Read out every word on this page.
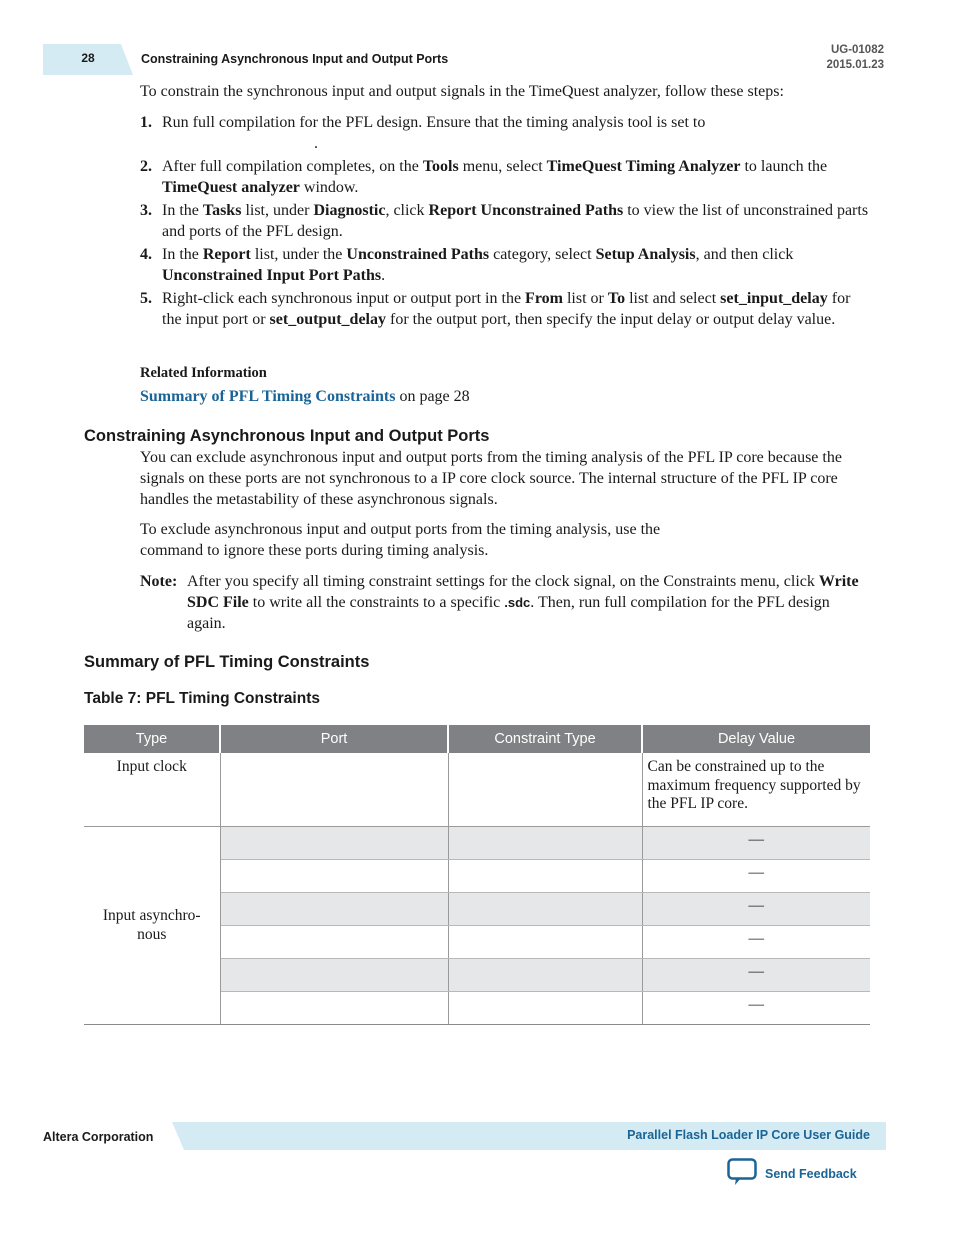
28	Constraining Asynchronous Input and Output Ports
UG-01082
2015.01.23

To constrain the synchronous input and output signals in the TimeQuest analyzer, follow these steps:

1. Run full compilation for the PFL design. Ensure that the timing analysis tool is set to
.
2. After full compilation completes, on the Tools menu, select TimeQuest Timing Analyzer to launch the TimeQuest analyzer window.
3. In the Tasks list, under Diagnostic, click Report Unconstrained Paths to view the list of unconstrained parts and ports of the PFL design.
4. In the Report list, under the Unconstrained Paths category, select Setup Analysis, and then click Unconstrained Input Port Paths.
5. Right-click each synchronous input or output port in the From list or To list and select set_input_delay for the input port or set_output_delay for the output port, then specify the input delay or output delay value.
Related Information
Summary of PFL Timing Constraints on page 28
Constraining Asynchronous Input and Output Ports

You can exclude asynchronous input and output ports from the timing analysis of the PFL IP core because the signals on these ports are not synchronous to a IP core clock source. The internal structure of the PFL IP core handles the metastability of these asynchronous signals.

To exclude asynchronous input and output ports from the timing analysis, use the
command to ignore these ports during timing analysis.
Note: After you specify all timing constraint settings for the clock signal, on the Constraints menu, click Write SDC File to write all the constraints to a specific .sdc. Then, run full compilation for the PFL design again.
Summary of PFL Timing Constraints
Table 7: PFL Timing Constraints
Type	Port	Constraint Type	Delay Value
Input clock			Can be constrained up to the maximum frequency supported by the PFL IP core.

Input asynchro-
nous			—
			—
			—
			—
			—
			—
Altera Corporation	Parallel Flash Loader IP Core User Guide
Send Feedback
